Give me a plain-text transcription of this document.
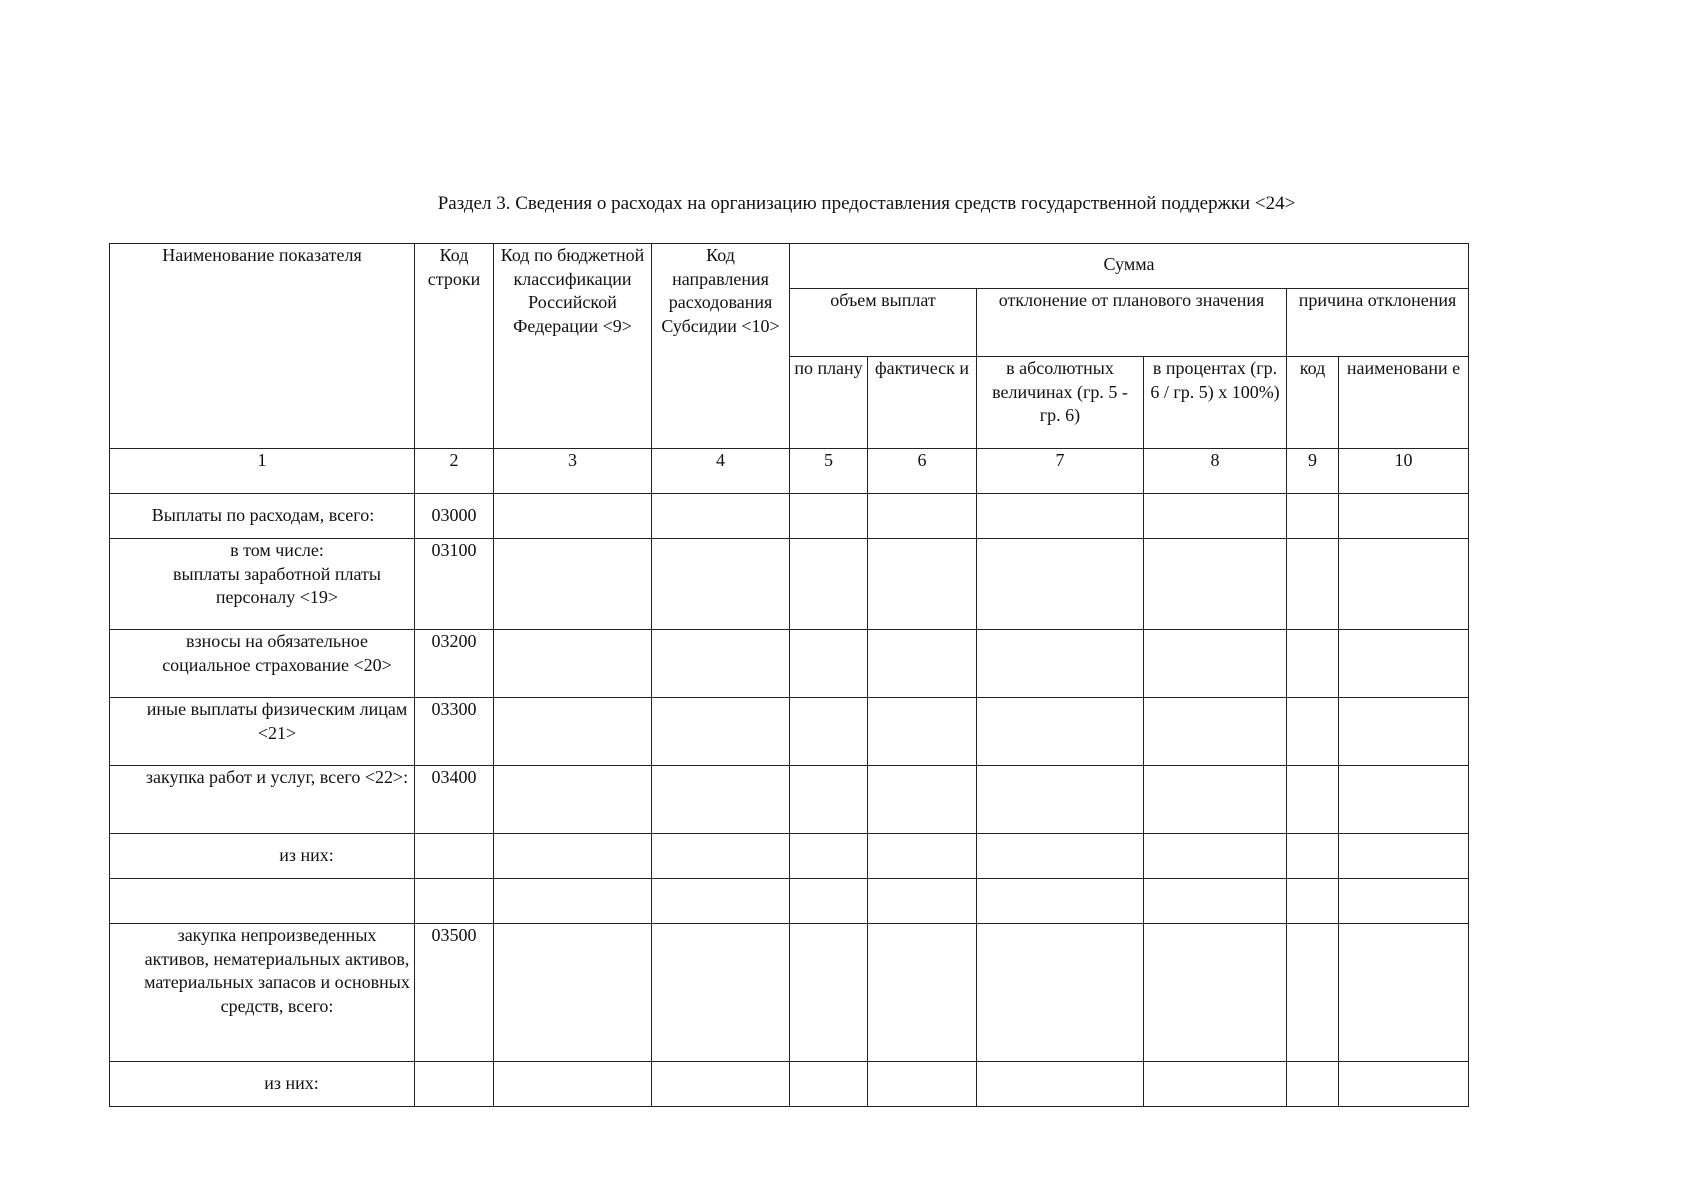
Раздел 3. Сведения о расходах на организацию предоставления средств государственной поддержки <24>
Наименование показателя	Код строки	Код по бюджетной классификации Российской Федерации <9>	Код направления расходования Субсидии <10>	Сумма					
				объем выплат		отклонение от планового значения		причина отклонения	
				по плану	фактическ и	в абсолютных величинах (гр. 5 - гр. 6)	в процентах (гр. 6 / гр. 5) x 100%)	код	наименовани е
1	2	3	4	5	6	7	8	9	10
Выплаты по расходам, всего:	03000								
в том числе:
выплаты заработной платы персоналу <19>	03100								
взносы на обязательное социальное страхование <20>	03200								
иные выплаты физическим лицам <21>	03300								
закупка работ и услуг, всего <22>:	03400								
из них:									

закупка непроизведенных активов, нематериальных активов, материальных запасов и основных средств, всего:	03500								
из них:									
